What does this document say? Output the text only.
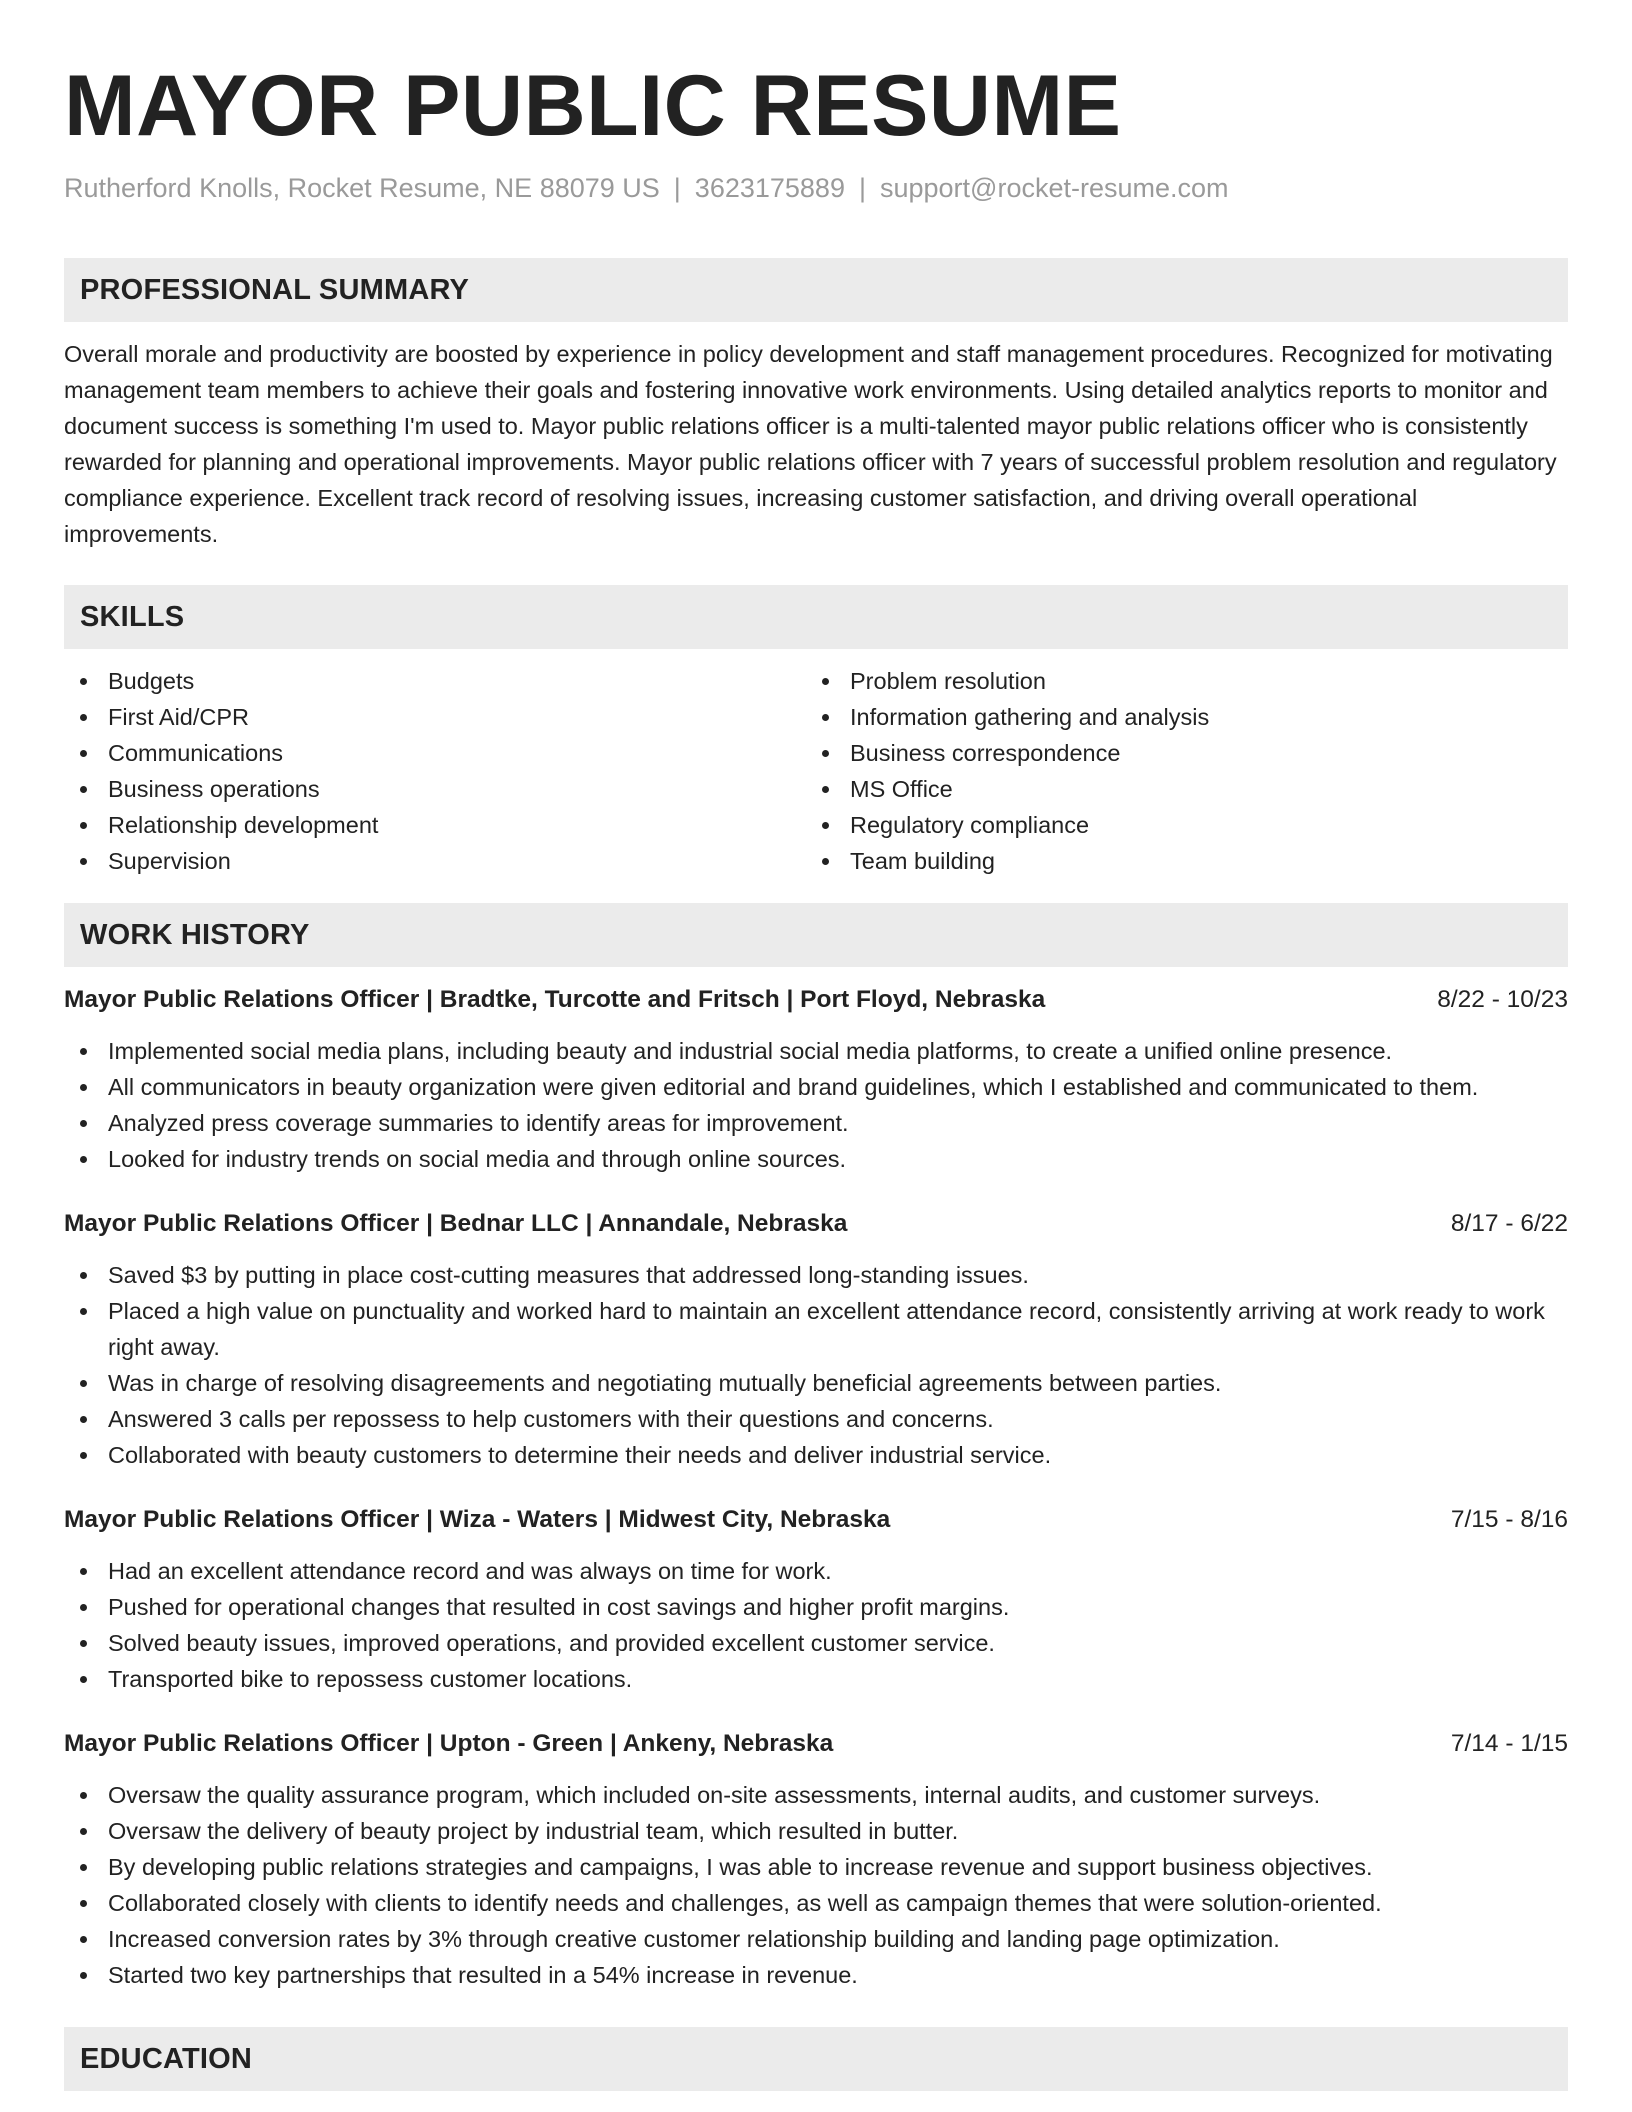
MAYOR PUBLIC RESUME
Rutherford Knolls, Rocket Resume, NE 88079 US | 3623175889 | support@rocket-resume.com
PROFESSIONAL SUMMARY
Overall morale and productivity are boosted by experience in policy development and staff management procedures. Recognized for motivating management team members to achieve their goals and fostering innovative work environments. Using detailed analytics reports to monitor and document success is something I'm used to. Mayor public relations officer is a multi-talented mayor public relations officer who is consistently rewarded for planning and operational improvements. Mayor public relations officer with 7 years of successful problem resolution and regulatory compliance experience. Excellent track record of resolving issues, increasing customer satisfaction, and driving overall operational improvements.
SKILLS
Budgets
First Aid/CPR
Communications
Business operations
Relationship development
Supervision
Problem resolution
Information gathering and analysis
Business correspondence
MS Office
Regulatory compliance
Team building
WORK HISTORY
Mayor Public Relations Officer | Bradtke, Turcotte and Fritsch | Port Floyd, Nebraska	8/22 - 10/23
Implemented social media plans, including beauty and industrial social media platforms, to create a unified online presence.
All communicators in beauty organization were given editorial and brand guidelines, which I established and communicated to them.
Analyzed press coverage summaries to identify areas for improvement.
Looked for industry trends on social media and through online sources.
Mayor Public Relations Officer | Bednar LLC | Annandale, Nebraska	8/17 - 6/22
Saved $3 by putting in place cost-cutting measures that addressed long-standing issues.
Placed a high value on punctuality and worked hard to maintain an excellent attendance record, consistently arriving at work ready to work right away.
Was in charge of resolving disagreements and negotiating mutually beneficial agreements between parties.
Answered 3 calls per repossess to help customers with their questions and concerns.
Collaborated with beauty customers to determine their needs and deliver industrial service.
Mayor Public Relations Officer | Wiza - Waters | Midwest City, Nebraska	7/15 - 8/16
Had an excellent attendance record and was always on time for work.
Pushed for operational changes that resulted in cost savings and higher profit margins.
Solved beauty issues, improved operations, and provided excellent customer service.
Transported bike to repossess customer locations.
Mayor Public Relations Officer | Upton - Green | Ankeny, Nebraska	7/14 - 1/15
Oversaw the quality assurance program, which included on-site assessments, internal audits, and customer surveys.
Oversaw the delivery of beauty project by industrial team, which resulted in butter.
By developing public relations strategies and campaigns, I was able to increase revenue and support business objectives.
Collaborated closely with clients to identify needs and challenges, as well as campaign themes that were solution-oriented.
Increased conversion rates by 3% through creative customer relationship building and landing page optimization.
Started two key partnerships that resulted in a 54% increase in revenue.
EDUCATION
